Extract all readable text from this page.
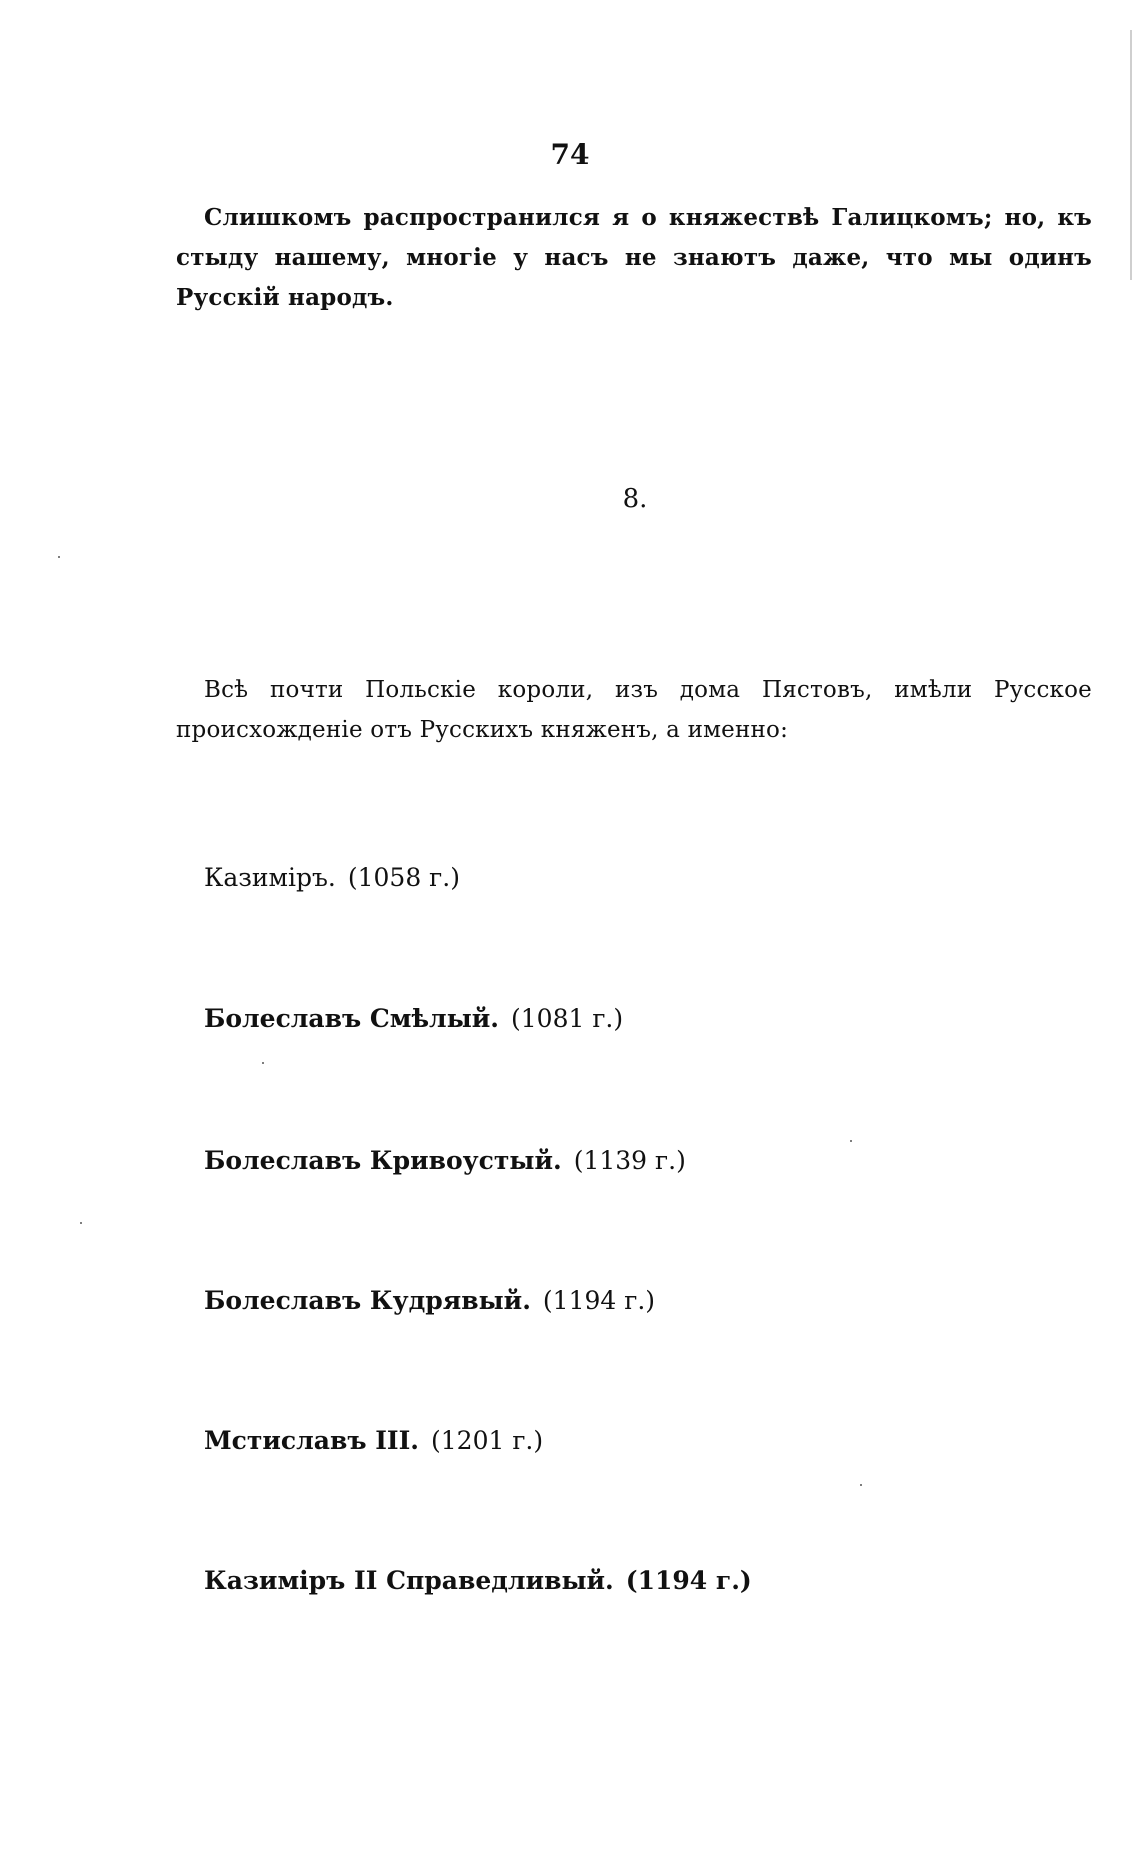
74
Слишкомъ распространился я о княжествѣ Галицкомъ; но, къ стыду нашему, многіе у насъ не знаютъ даже, что мы одинъ Русскій народъ.
8.
Всѣ почти Польскіе короли, изъ дома Пястовъ, имѣли Русское происхожденіе отъ Русскихъ княженъ, а именно:
Казиміръ. (1058 г.)
Болеславъ Смѣлый. (1081 г.)
Болеславъ Кривоустый. (1139 г.)
Болеславъ Кудрявый. (1194 г.)
Мстиславъ III. (1201 г.)
Казиміръ II Справедливый. (1194 г.)
